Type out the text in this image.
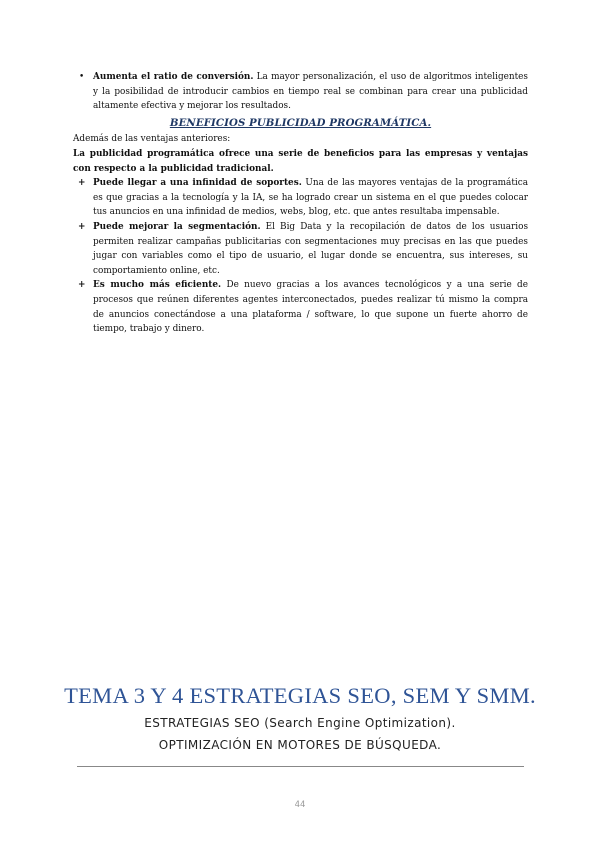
• Aumenta el ratio de conversión. La mayor personalización, el uso de algoritmos inteligentes y la posibilidad de introducir cambios en tiempo real se combinan para crear una publicidad altamente efectiva y mejorar los resultados.
BENEFICIOS PUBLICIDAD PROGRAMÁTICA.
Además de las ventajas anteriores:
La publicidad programática ofrece una serie de beneficios para las empresas y ventajas con respecto a la publicidad tradicional.
+ Puede llegar a una infinidad de soportes. Una de las mayores ventajas de la programática es que gracias a la tecnología y la IA, se ha logrado crear un sistema en el que puedes colocar tus anuncios en una infinidad de medios, webs, blog, etc. que antes resultaba impensable.
+ Puede mejorar la segmentación. El Big Data y la recopilación de datos de los usuarios permiten realizar campañas publicitarias con segmentaciones muy precisas en las que puedes jugar con variables como el tipo de usuario, el lugar donde se encuentra, sus intereses, su comportamiento online, etc.
+ Es mucho más eficiente. De nuevo gracias a los avances tecnológicos y a una serie de procesos que reúnen diferentes agentes interconectados, puedes realizar tú mismo la compra de anuncios conectándose a una plataforma / software, lo que supone un fuerte ahorro de tiempo, trabajo y dinero.
TEMA 3 Y 4 ESTRATEGIAS SEO, SEM Y SMM.
ESTRATEGIAS SEO (Search Engine Optimization).
OPTIMIZACIÓN EN MOTORES DE BÚSQUEDA.
44
